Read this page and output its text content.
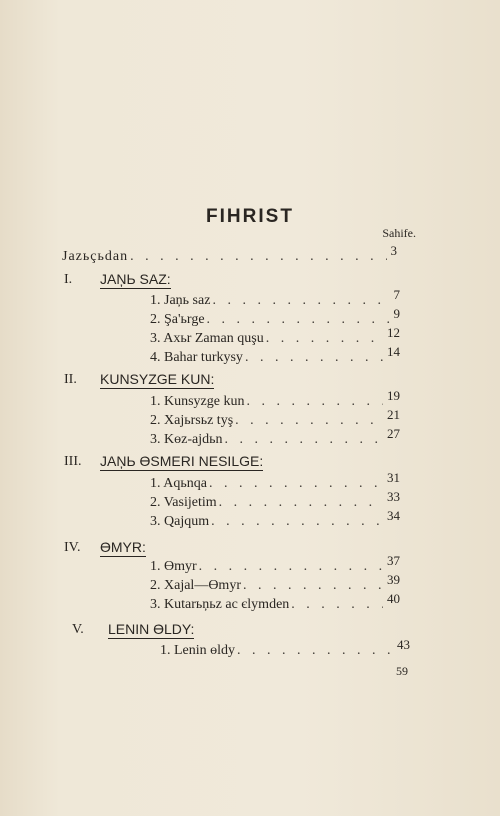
FIHRIST
Sahife.
Jazьçьdan . . .	3
I. JAŅЬ SAZ:
1. Jaņь saz . . .	7
2. Şa'ьrge . . .	9
3. Axьr Zaman quşu . . .	12
4. Bahar turkysy . . .	14
II. KUNSYZGE KUN:
1. Kunsyzge kun . . .	19
2. Xajьrsьz tyş . . .	21
3. Kөz-ajdьn . . .	27
III. JAŅЬ ӨSMERI NESILGE:
1. Aqьnqa . . .	31
2. Vasijetim . . .	33
3. Qajqum . . .	34
IV. ӨMYR:
1. Өmyr . . .	37
2. Xajal—Өmyr . . .	39
3. Kutarьņьz ac єlymden . . .	40
V. LENIN ӨLDY:
1. Lenin өldy . . .	43
59
